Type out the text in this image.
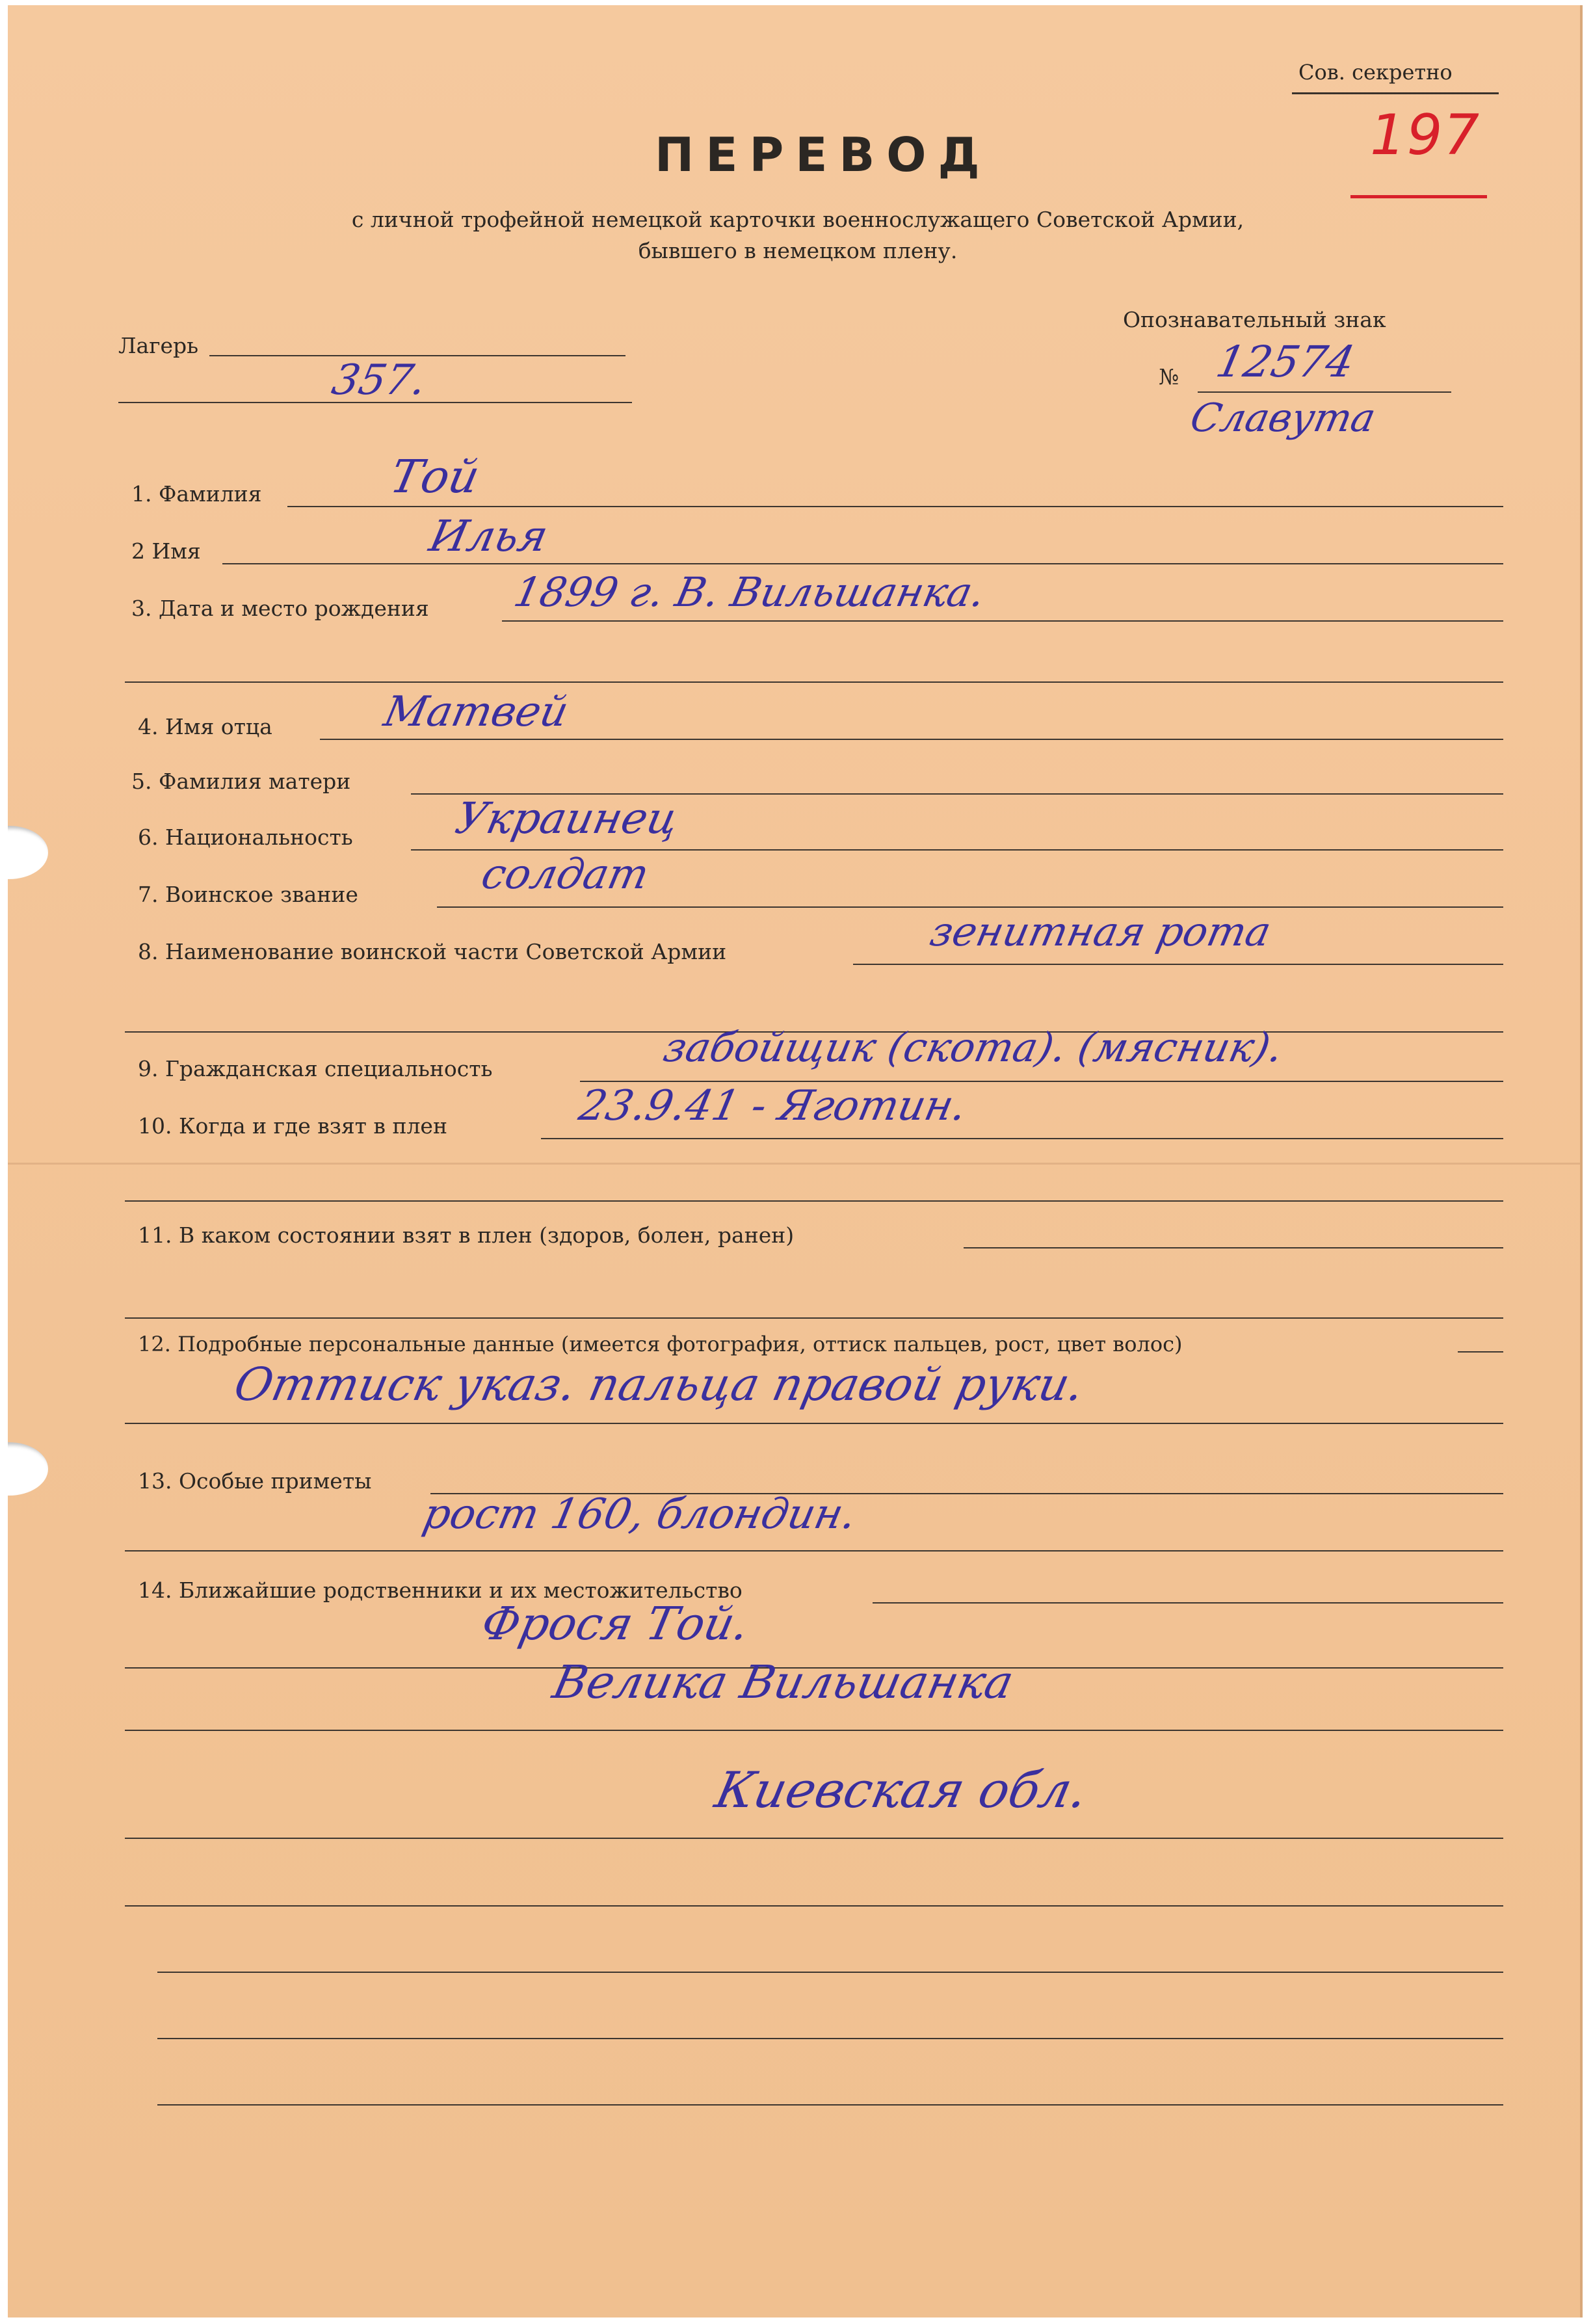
Сов. секретно
197
ПЕРЕВОД
с личной трофейной немецкой карточки военнослужащего Советской Армии,
бывшего в немецком плену.
Лагерь
357.
Опознавательный знак
№ 12574
Славута
1. Фамилия	Той
2 Имя	Илья
3. Дата и место рождения 1899 г. В. Вильшанка.
4. Имя отца	Матвей
5. Фамилия матери
6. Национальность Украинец
7. Воинское звание	солдат
8. Наименование воинской части Советской Армии	зенитная рота
9. Гражданская специальность	забойщик (скота). (мясник).
10. Когда и где взят в плен	23.9.41 - Яготин.
11. В каком состоянии взят в плен (здоров, болен, ранен)
12. Подробные персональные данные (имеется фотография, оттиск пальцев, рост, цвет волос)
Оттиск указ. пальца правой руки.
13. Особые приметы
рост 160, блондин.
14. Ближайшие родственники и их местожительство
Фрося Той.
Велика Вильшанка
Киевская обл.
